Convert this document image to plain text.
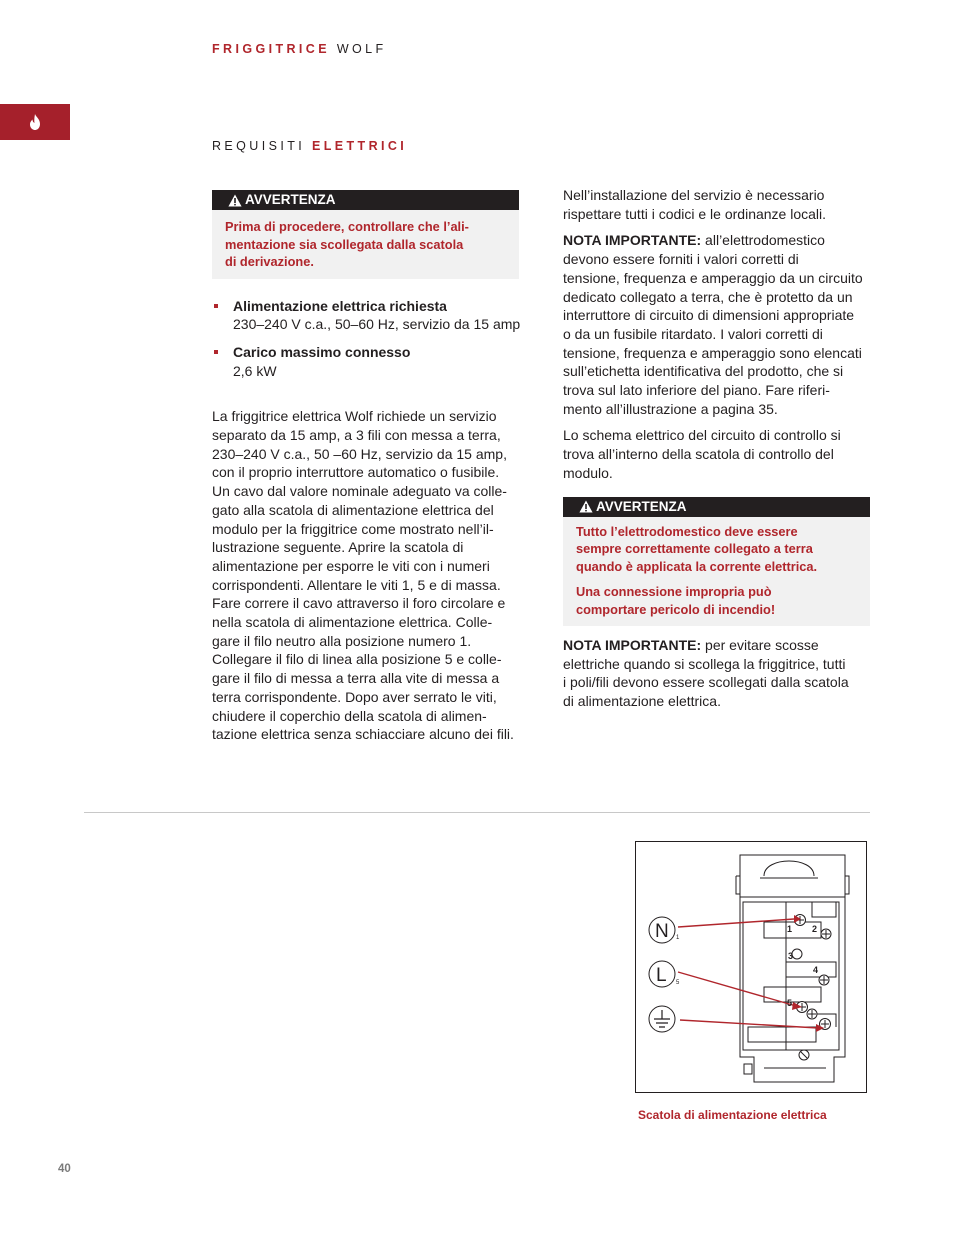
FRIGGITRICE WOLF
REQUISITI ELETTRICI
AVVERTENZA

Prima di procedere, controllare che l’ali-
mentazione sia scollegata dalla scatola
di derivazione.

Alimentazione elettrica richiesta
230–240 V c.a., 50–60 Hz, servizio da 15 amp
Carico massimo connesso
2,6 kW

La friggitrice elettrica Wolf richiede un servizio
separato da 15 amp, a 3 fili con messa a terra,
230–240 V c.a., 50 –60 Hz, servizio da 15 amp,
con il proprio interruttore automatico o fusibile.
Un cavo dal valore nominale adeguato va colle-
gato alla scatola di alimentazione elettrica del
modulo per la friggitrice come mostrato nell’il-
lustrazione seguente. Aprire la scatola di
alimentazione per esporre le viti con i numeri
corrispondenti. Allentare le viti 1, 5 e di massa.
Fare correre il cavo attraverso il foro circolare e
nella scatola di alimentazione elettrica. Colle-
gare il filo neutro alla posizione numero 1.
Collegare il filo di linea alla posizione 5 e colle-
gare il filo di messa a terra alla vite di messa a
terra corrispondente. Dopo aver serrato le viti,
chiudere il coperchio della scatola di alimen-
tazione elettrica senza schiacciare alcuno dei fili.

Nell’installazione del servizio è necessario
rispettare tutti i codici e le ordinanze locali.

NOTA IMPORTANTE: all’elettrodomestico
devono essere forniti i valori corretti di
tensione, frequenza e amperaggio da un circuito
dedicato collegato a terra, che è protetto da un
interruttore di circuito di dimensioni appropriate
o da un fusibile ritardato. I valori corretti di
tensione, frequenza e amperaggio sono elencati
sull’etichetta identificativa del prodotto, che si
trova sul lato inferiore del piano. Fare riferi-
mento all’illustrazione a pagina 35.

Lo schema elettrico del circuito di controllo si
trova all’interno della scatola di controllo del
modulo.

AVVERTENZA

Tutto l’elettrodomestico deve essere
sempre correttamente collegato a terra
quando è applicata la corrente elettrica.

Una connessione impropria può
comportare pericolo di incendio!

NOTA IMPORTANTE: per evitare scosse
elettriche quando si scollega la friggitrice, tutti
i poli/fili devono essere scollegati dalla scatola
di alimentazione elettrica.

N
L
1
5
1 2
3
4
5
Scatola di alimentazione elettrica
40
